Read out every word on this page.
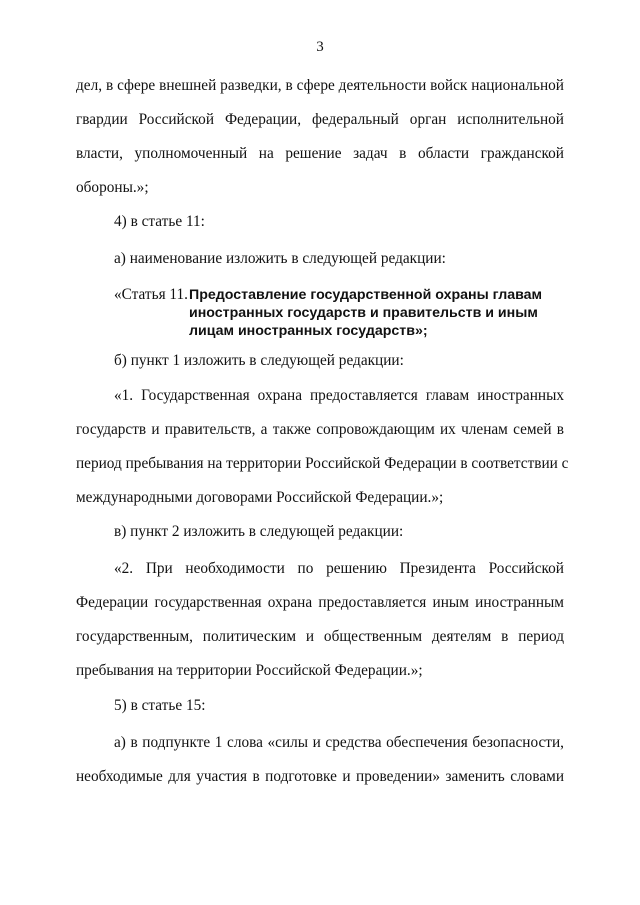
3
дел, в сфере внешней разведки, в сфере деятельности войск национальной
гвардии Российской Федерации, федеральный орган исполнительной
власти, уполномоченный на решение задач в области гражданской
обороны.»;
4) в статье 11:
а) наименование изложить в следующей редакции:
«Статья 11. Предоставление государственной охраны главам
иностранных государств и правительств и иным
лицам иностранных государств»;
б) пункт 1 изложить в следующей редакции:
«1. Государственная охрана предоставляется главам иностранных
государств и правительств, а также сопровождающим их членам семей в
период пребывания на территории Российской Федерации в соответствии с
международными договорами Российской Федерации.»;
в) пункт 2 изложить в следующей редакции:
«2. При необходимости по решению Президента Российской
Федерации государственная охрана предоставляется иным иностранным
государственным, политическим и общественным деятелям в период
пребывания на территории Российской Федерации.»;
5) в статье 15:
а) в подпункте 1 слова «силы и средства обеспечения безопасности,
необходимые для участия в подготовке и проведении» заменить словами
